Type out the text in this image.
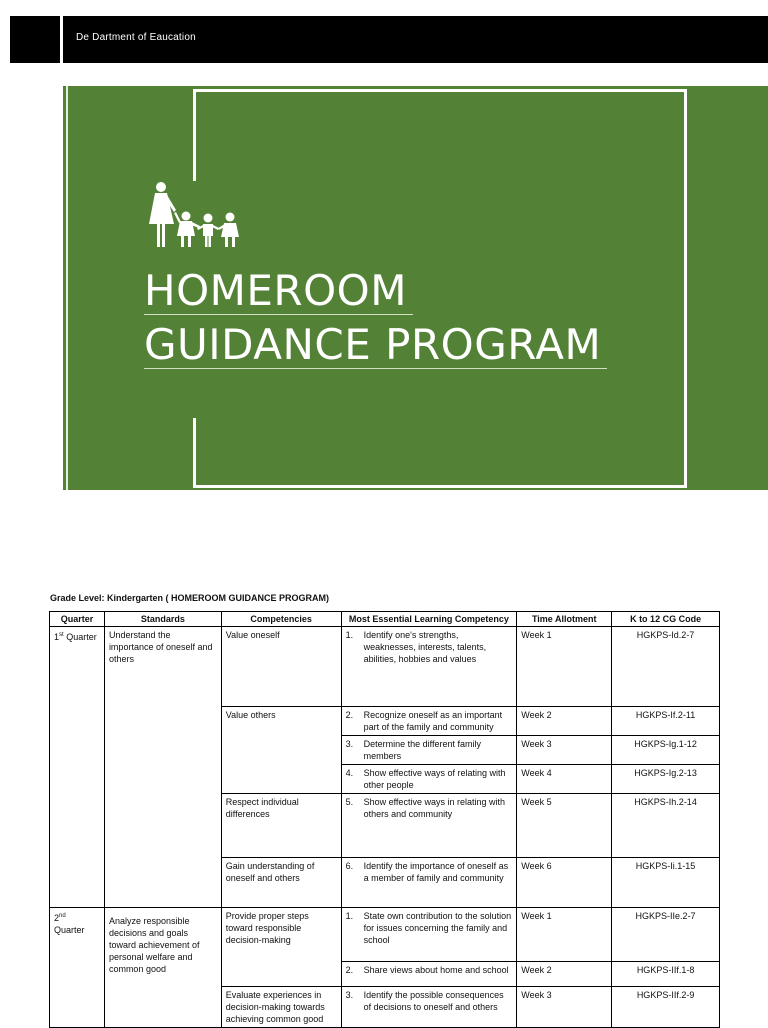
De Dartment of Eaucation
HOMEROOM
GUIDANCE PROGRAM
Grade Level: Kindergarten ( HOMEROOM GUIDANCE PROGRAM)
Quarter	Standards	Competencies	Most Essential Learning Competency	Time Allotment	K to 12 CG Code
1st Quarter	Understand the importance of oneself and others	Value oneself	1. Identify one's strengths, weaknesses, interests, talents, abilities, hobbies and values	Week 1	HGKPS-Id.2-7
		Value others	2. Recognize oneself as an important part of the family and community	Week 2	HGKPS-If.2-11

			3. Determine the different family members	Week 3	HGKPS-Ig.1-12

			4. Show effective ways of relating with other people	Week 4	HGKPS-Ig.2-13
		Respect individual differences	5. Show effective ways in relating with others and community	Week 5	HGKPS-Ih.2-14
		Gain understanding of oneself and others	6. Identify the importance of oneself as a member of family and community	Week 6	HGKPS-Ii.1-15
2nd
Quarter	Analyze responsible decisions and goals toward achievement of personal welfare and common good	Provide proper steps toward responsible decision-making	1. State own contribution to the solution for issues concerning the family and school	Week 1	HGKPS-IIe.2-7

			2. Share views about home and school	Week 2	HGKPS-IIf.1-8
		Evaluate experiences in decision-making towards achieving common good	3. Identify the possible consequences of decisions to oneself and others	Week 3	HGKPS-IIf.2-9
